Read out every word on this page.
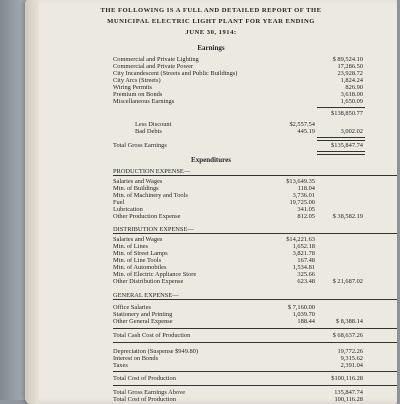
THE FOLLOWING IS A FULL AND DETAILED REPORT OF THE
MUNICIPAL ELECTRIC LIGHT PLANT FOR YEAR ENDING
JUNE 30, 1914:
Earnings
Commercial and Private Lighting	$ 89,524.10
Commercial and Private Power	17,286.50
City Incandescent (Streets and Public Buildings)	23,928.72
City Arcs (Streets)	1,824.24
Wiring Permits	826.90
Premium on Bonds	3,618.00
Miscellaneous Earnings	1,650.09
$138,850.77
Less Discount	$2,557.54
Bad Debts	445.19	3,002.02
Total Gross Earnings	$135,847.74
Expenditures
PRODUCTION EXPENSE—
Salaries and Wages	$13,649.35
Mtn. of Buildings	118.04
Mtn. of Machinery and Tools	3,736.01
Fuel	19,725.00
Lubrication	341.05
Other Production Expense	812.05	$ 38,582.19
DISTRIBUTION EXPENSE—
Salaries and Wages	$14,221.63
Mtn. of Lines	1,652.18
Mtn. of Street Lamps	3,821.78
Mtn. of Line Tools	167.48
Mtn. of Automobiles	1,534.81
Mtn. of Electric Appliance Store	325.66
Other Distribution Expense	623.48	$ 21,687.02
GENERAL EXPENSE—
Office Salaries	$ 7,160.00
Stationery and Printing	1,039.70
Other General Expense	188.44	$ 8,388.14
Total Cash Cost of Production	$ 68,637.26
Depreciation (Suspense $949.80)	19,772.26
Interest on Bonds	9,315.62
Taxes	2,391.04
Total Cost of Production	$100,116.28
Total Gross Earnings Above	135,847.74
Total Cost of Production	100,116.28
